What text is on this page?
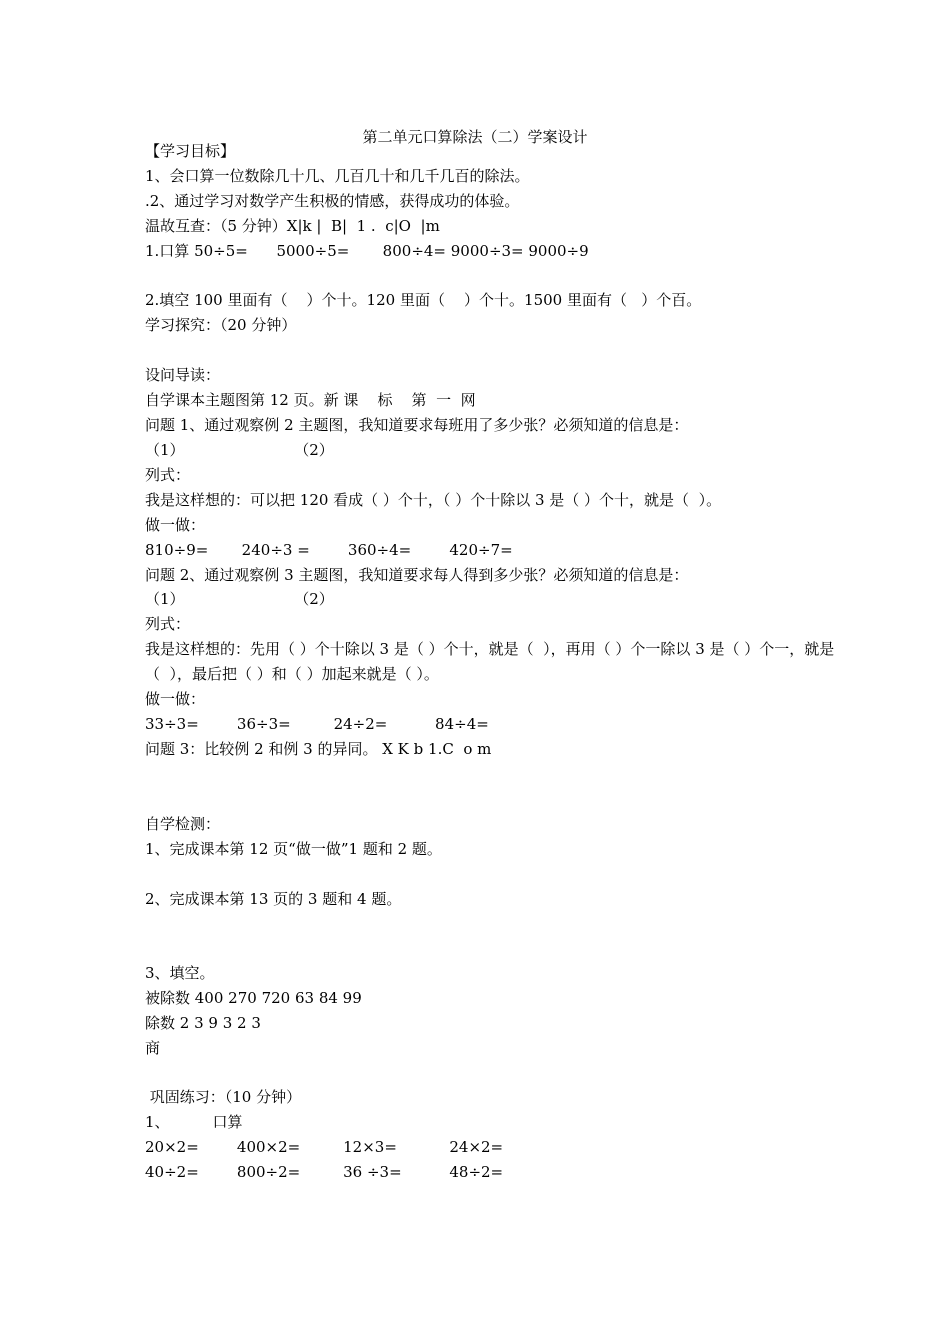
第二单元口算除法（二）学案设计
【学习目标】
1、会口算一位数除几十几、几百几十和几千几百的除法。
.2、通过学习对数学产生积极的情感，获得成功的体验。
温故互查：（5 分钟）X|k |  B|  1 .  c|O  |m
1.口算 50÷5=      5000÷5=       800÷4= 9000÷3= 9000÷9
2.填空 100 里面有（    ）个十。120 里面（    ）个十。1500 里面有（   ）个百。
学习探究：（20 分钟）
设问导读：
自学课本主题图第 12 页。新 课    标    第  一  网
问题 1、通过观察例 2 主题图，我知道要求每班用了多少张？必须知道的信息是：
（1）                       （2）
列式：
我是这样想的：可以把 120 看成（ ）个十，（ ）个十除以 3 是（ ）个十，就是（  ）。
做一做：
810÷9=       240÷3 =        360÷4=        420÷7=
问题 2、通过观察例 3 主题图，我知道要求每人得到多少张？必须知道的信息是：
（1）                       （2）
列式：
我是这样想的：先用（ ）个十除以 3 是（ ）个十，就是（  ），再用（ ）个一除以 3 是（ ）个一，就是
（  ），最后把（ ）和（ ）加起来就是（ ）。
做一做：
33÷3=        36÷3=         24÷2=          84÷4=
问题 3：比较例 2 和例 3 的异同。 X K b 1.C  o m
自学检测：
1、完成课本第 12 页“做一做”1 题和 2 题。
2、完成课本第 13 页的 3 题和 4 题。
3、填空。
被除数 400 270 720 63 84 99
除数 2 3 9 3 2 3
商
巩固练习：（10 分钟）
1、         口算
20×2=        400×2=         12×3=           24×2=
40÷2=        800÷2=         36 ÷3=          48÷2=
